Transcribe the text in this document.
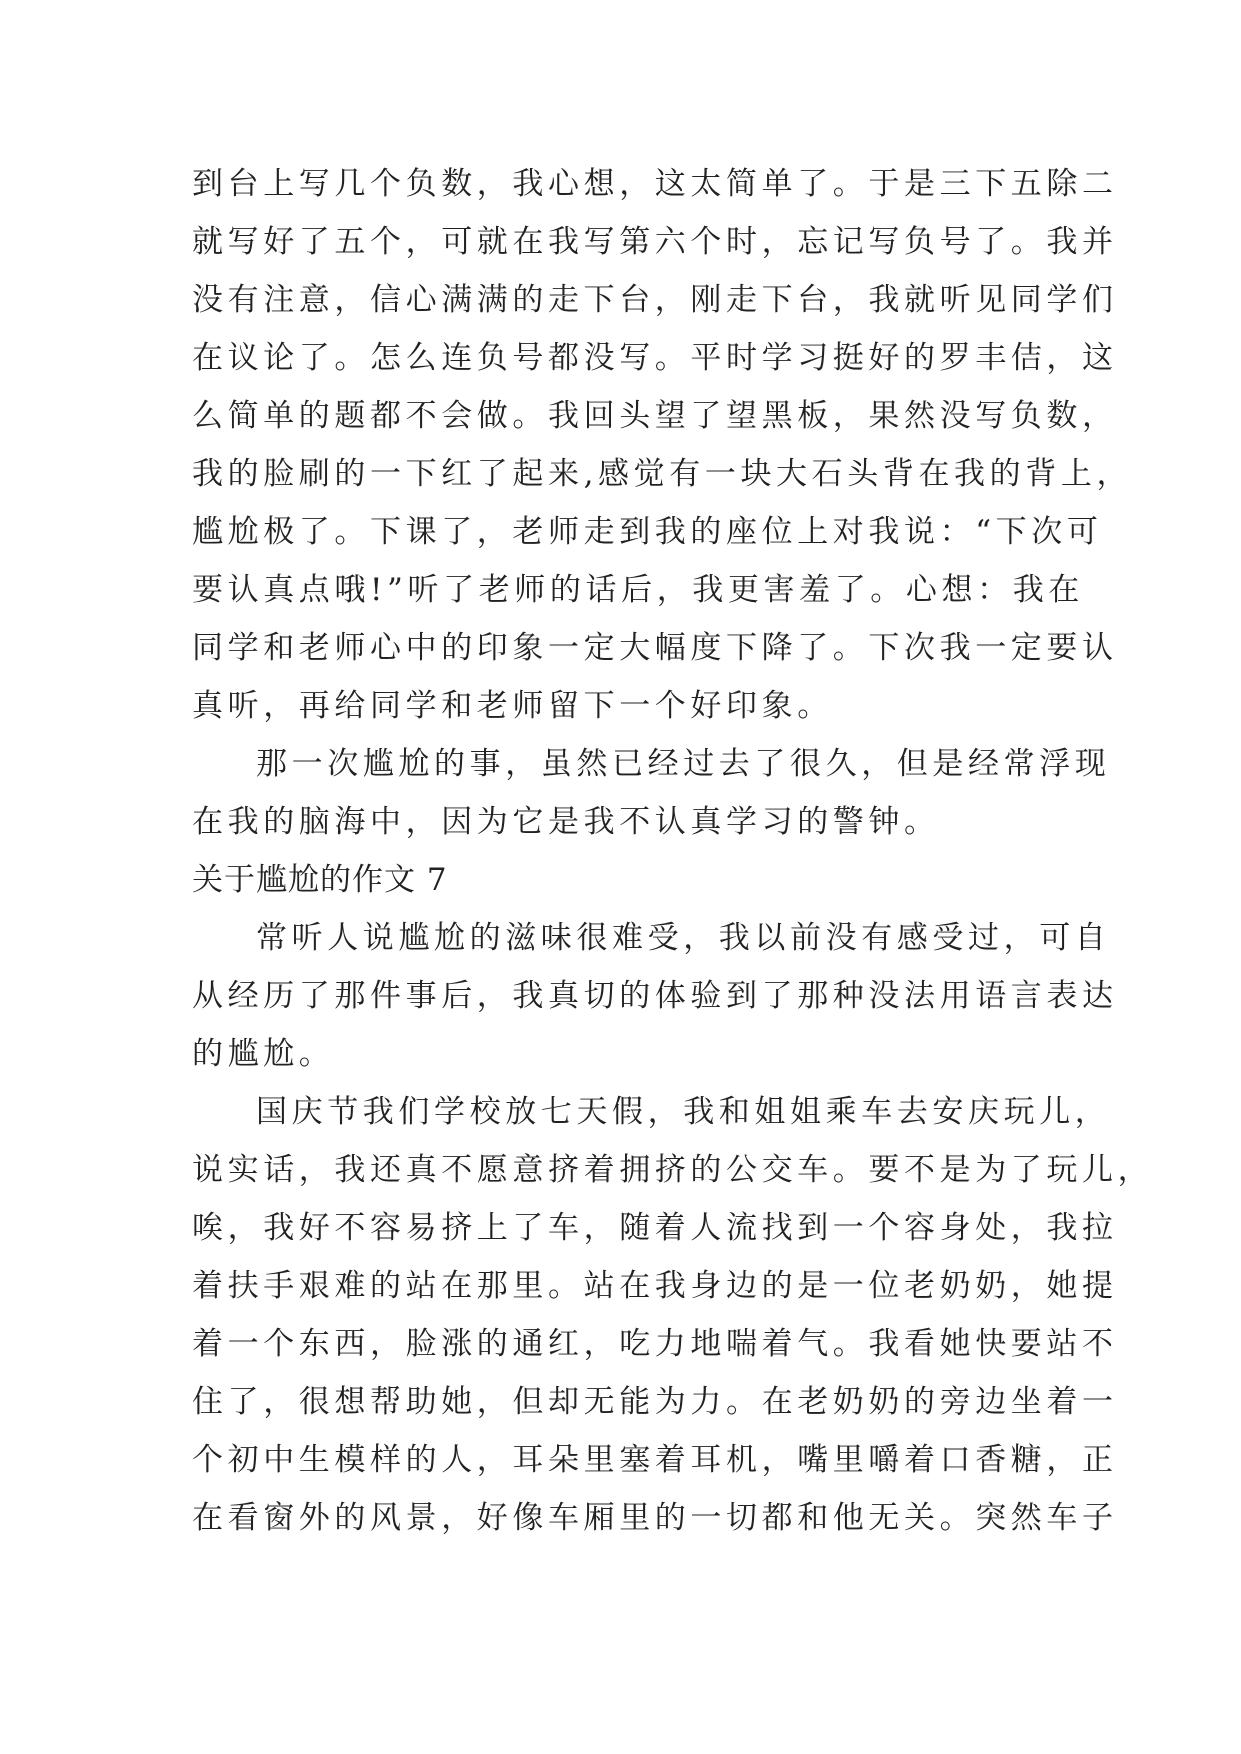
到台上写几个负数，我心想，这太简单了。于是三下五除二
就写好了五个，可就在我写第六个时，忘记写负号了。我并
没有注意，信心满满的走下台，刚走下台，我就听见同学们
在议论了。怎么连负号都没写。平时学习挺好的罗丰佶，这
么简单的题都不会做。我回头望了望黑板，果然没写负数，
我的脸刷的一下红了起来,感觉有一块大石头背在我的背上，
尴尬极了。下课了，老师走到我的座位上对我说：“下次可
要认真点哦!”听了老师的话后，我更害羞了。心想：我在
同学和老师心中的印象一定大幅度下降了。下次我一定要认
真听，再给同学和老师留下一个好印象。
那一次尴尬的事，虽然已经过去了很久，但是经常浮现
在我的脑海中，因为它是我不认真学习的警钟。
关于尴尬的作文 7
常听人说尴尬的滋味很难受，我以前没有感受过，可自
从经历了那件事后，我真切的体验到了那种没法用语言表达
的尴尬。
国庆节我们学校放七天假，我和姐姐乘车去安庆玩儿，
说实话，我还真不愿意挤着拥挤的公交车。要不是为了玩儿，
唉，我好不容易挤上了车，随着人流找到一个容身处，我拉
着扶手艰难的站在那里。站在我身边的是一位老奶奶，她提
着一个东西，脸涨的通红，吃力地喘着气。我看她快要站不
住了，很想帮助她，但却无能为力。在老奶奶的旁边坐着一
个初中生模样的人，耳朵里塞着耳机，嘴里嚼着口香糖，正
在看窗外的风景，好像车厢里的一切都和他无关。突然车子
